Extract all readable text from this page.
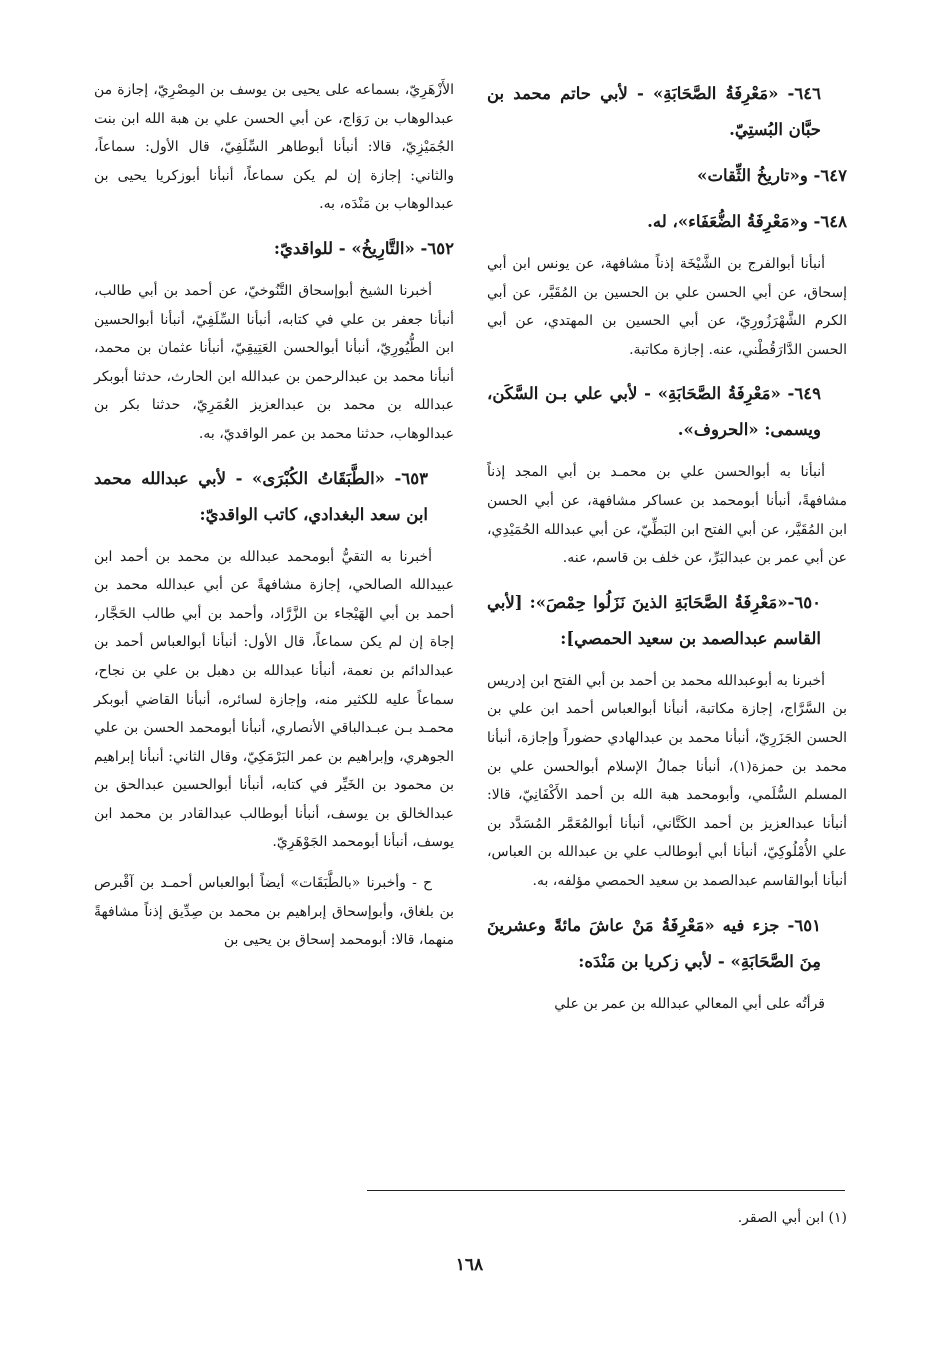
٦٤٦- «مَعْرِفَةُ الصَّحَابَةِ» - لأبي حاتم محمد بن حبَّان البُستِيّ.
٦٤٧- و«تاريخُ الثِّقات»
٦٤٨- و«مَعْرِفَةُ الضُّعَفَاء»، له.

أنبأنا أبوالفرج بن الشَّيْخَة إذناً مشافهة، عن يونس ابن أبي إسحاق، عن أبي الحسن علي بن الحسين بن المُقَيَّر، عن أبي الكرم الشَّهْرَزُورِيّ، عن أبي الحسين بن المهتدي، عن أبي الحسن الدَّارَقُطْني، عنه. إجازة مكاتبة.

٦٤٩- «مَعْرِفَةُ الصَّحَابَةِ» - لأبي علي بـن السَّكَن، ويسمى: «الحروف».

أنبأنا به أبوالحسن علي بن محمـد بن أبي المجد إذناً مشافهةً، أنبأنا أبومحمد بن عساكر مشافهة، عن أبي الحسن ابن المُقَيَّر، عن أبي الفتح ابن البَطِّيّ، عن أبي عبدالله الحُمَيْدِي، عن أبي عمر بن عبدالبَرِّ، عن خلف بن قاسم، عنه.

٦٥٠-«مَعْرِفَةُ الصَّحَابَةِ الذينَ نَزَلُوا حِمْصَ»: [لأبي القاسم عبدالصمد بن سعيد الحمصي]:

أخبرنا به أبوعبدالله محمد بن أحمد بن أبي الفتح ابن إدريس بن السَّرَّاج، إجازة مكاتبة، أنبأنا أبوالعباس أحمد ابن علي بن الحسن الجَزَرِيّ، أنبأنا محمد بن عبدالهادي حضوراً وإجازة، أنبأنا محمد بن حمزة(١)، أنبأنا جمالُ الإسلام أبوالحسن علي بن المسلم السُّلَمي، وأبومحمد هبة الله بن أحمد الأَكْفَانِيّ، قالا: أنبأنا عبدالعزيز بن أحمد الكَتَّاني، أنبأنا أبوالمُعَمَّر المُسَدَّد بن علي الأُمْلُوكِيّ، أنبأنا أبي أبوطالب علي بن عبدالله بن العباس، أنبأنا أبوالقاسم عبدالصمد بن سعيد الحمصي مؤلفه، به.

٦٥١- جزء فيه «مَعْرِفَةُ مَنْ عاشَ مائةً وعشرينَ مِنَ الصَّحَابَةِ» - لأبي زكريا بن مَنْدَه:

قرأتُه على أبي المعالي عبدالله بن عمر بن علي

الأَزْهَرِيّ، بسماعه على يحيى بن يوسف بن المِصْرِيّ، إجازة من عبدالوهاب بن رَوَاج، عن أبي الحسن علي بن هبة الله ابن بنت الجُمَيْزِيّ، قالا: أنبأنا أبوطاهر السِّلَفِيّ، قال الأول: سماعاً، والثاني: إجازة إن لم يكن سماعاً، أنبأنا أبوزكريا يحيى بن عبدالوهاب بن مَنْدَه، به.

٦٥٢- «التَّارِيخُ» - للواقديّ:

أخبرنا الشيخ أبوإسحاق التَّنُوخيّ، عن أحمد بن أبي طالب، أنبأنا جعفر بن علي في كتابه، أنبأنا السِّلَفِيّ، أنبأنا أبوالحسين ابن الطُّيُورِيّ، أنبأنا أبوالحسن العَتِيقِيّ، أنبأنا عثمان بن محمد، أنبأنا محمد بن عبدالرحمن بن عبدالله ابن الحارث، حدثنا أبوبكر عبدالله بن محمد بن عبدالعزيز العُمَرِيّ، حدثنا بكر بن عبدالوهاب، حدثنا محمد بن عمر الواقديّ، به.

٦٥٣- «الطَّبَقَاتُ الكُبْرَى» - لأبي عبدالله محمد ابن سعد البغدادي، كاتب الواقديّ:

أخبرنا به التقيُّ أبومحمد عبدالله بن محمد بن أحمد ابن عبيدالله الصالحي، إجازة مشافهةً عن أبي عبدالله محمد بن أحمد بن أبي الهَيْجاء بن الزَّرَّاد، وأحمد بن أبي طالب الحَجَّار، إجاة إن لم يكن سماعاً، قال الأول: أنبأنا أبوالعباس أحمد بن عبدالدائم بن نعمة، أنبأنا عبدالله بن دهبل بن علي بن نجاح، سماعاً عليه للكثير منه، وإجازة لسائره، أنبأنا القاضي أبوبكر محمـد بـن عبـدالباقي الأنصاري، أنبأنا أبومحمد الحسن بن علي الجوهري، وإبراهيم بن عمر البَرْمَكِيّ، وقال الثاني: أنبأنا إبراهيم بن محمود بن الخَيِّر في كتابه، أنبأنا أبوالحسين عبدالحق بن عبدالخالق بن يوسف، أنبأنا أبوطالب عبدالقادر بن محمد ابن يوسف، أنبأنا أبومحمد الجَوْهَرِيّ.

ح - وأخبرنا «بالطَّبَقَات» أيضاً أبوالعباس أحمـد بن آقْبرص بن بلغاق، وأبوإسحاق إبراهيم بن محمد بن صِدِّيق إذناً مشافهةً منهما، قالا: أبومحمد إسحاق بن يحيى بن

(١) ابن أبي الصقر.
١٦٨
